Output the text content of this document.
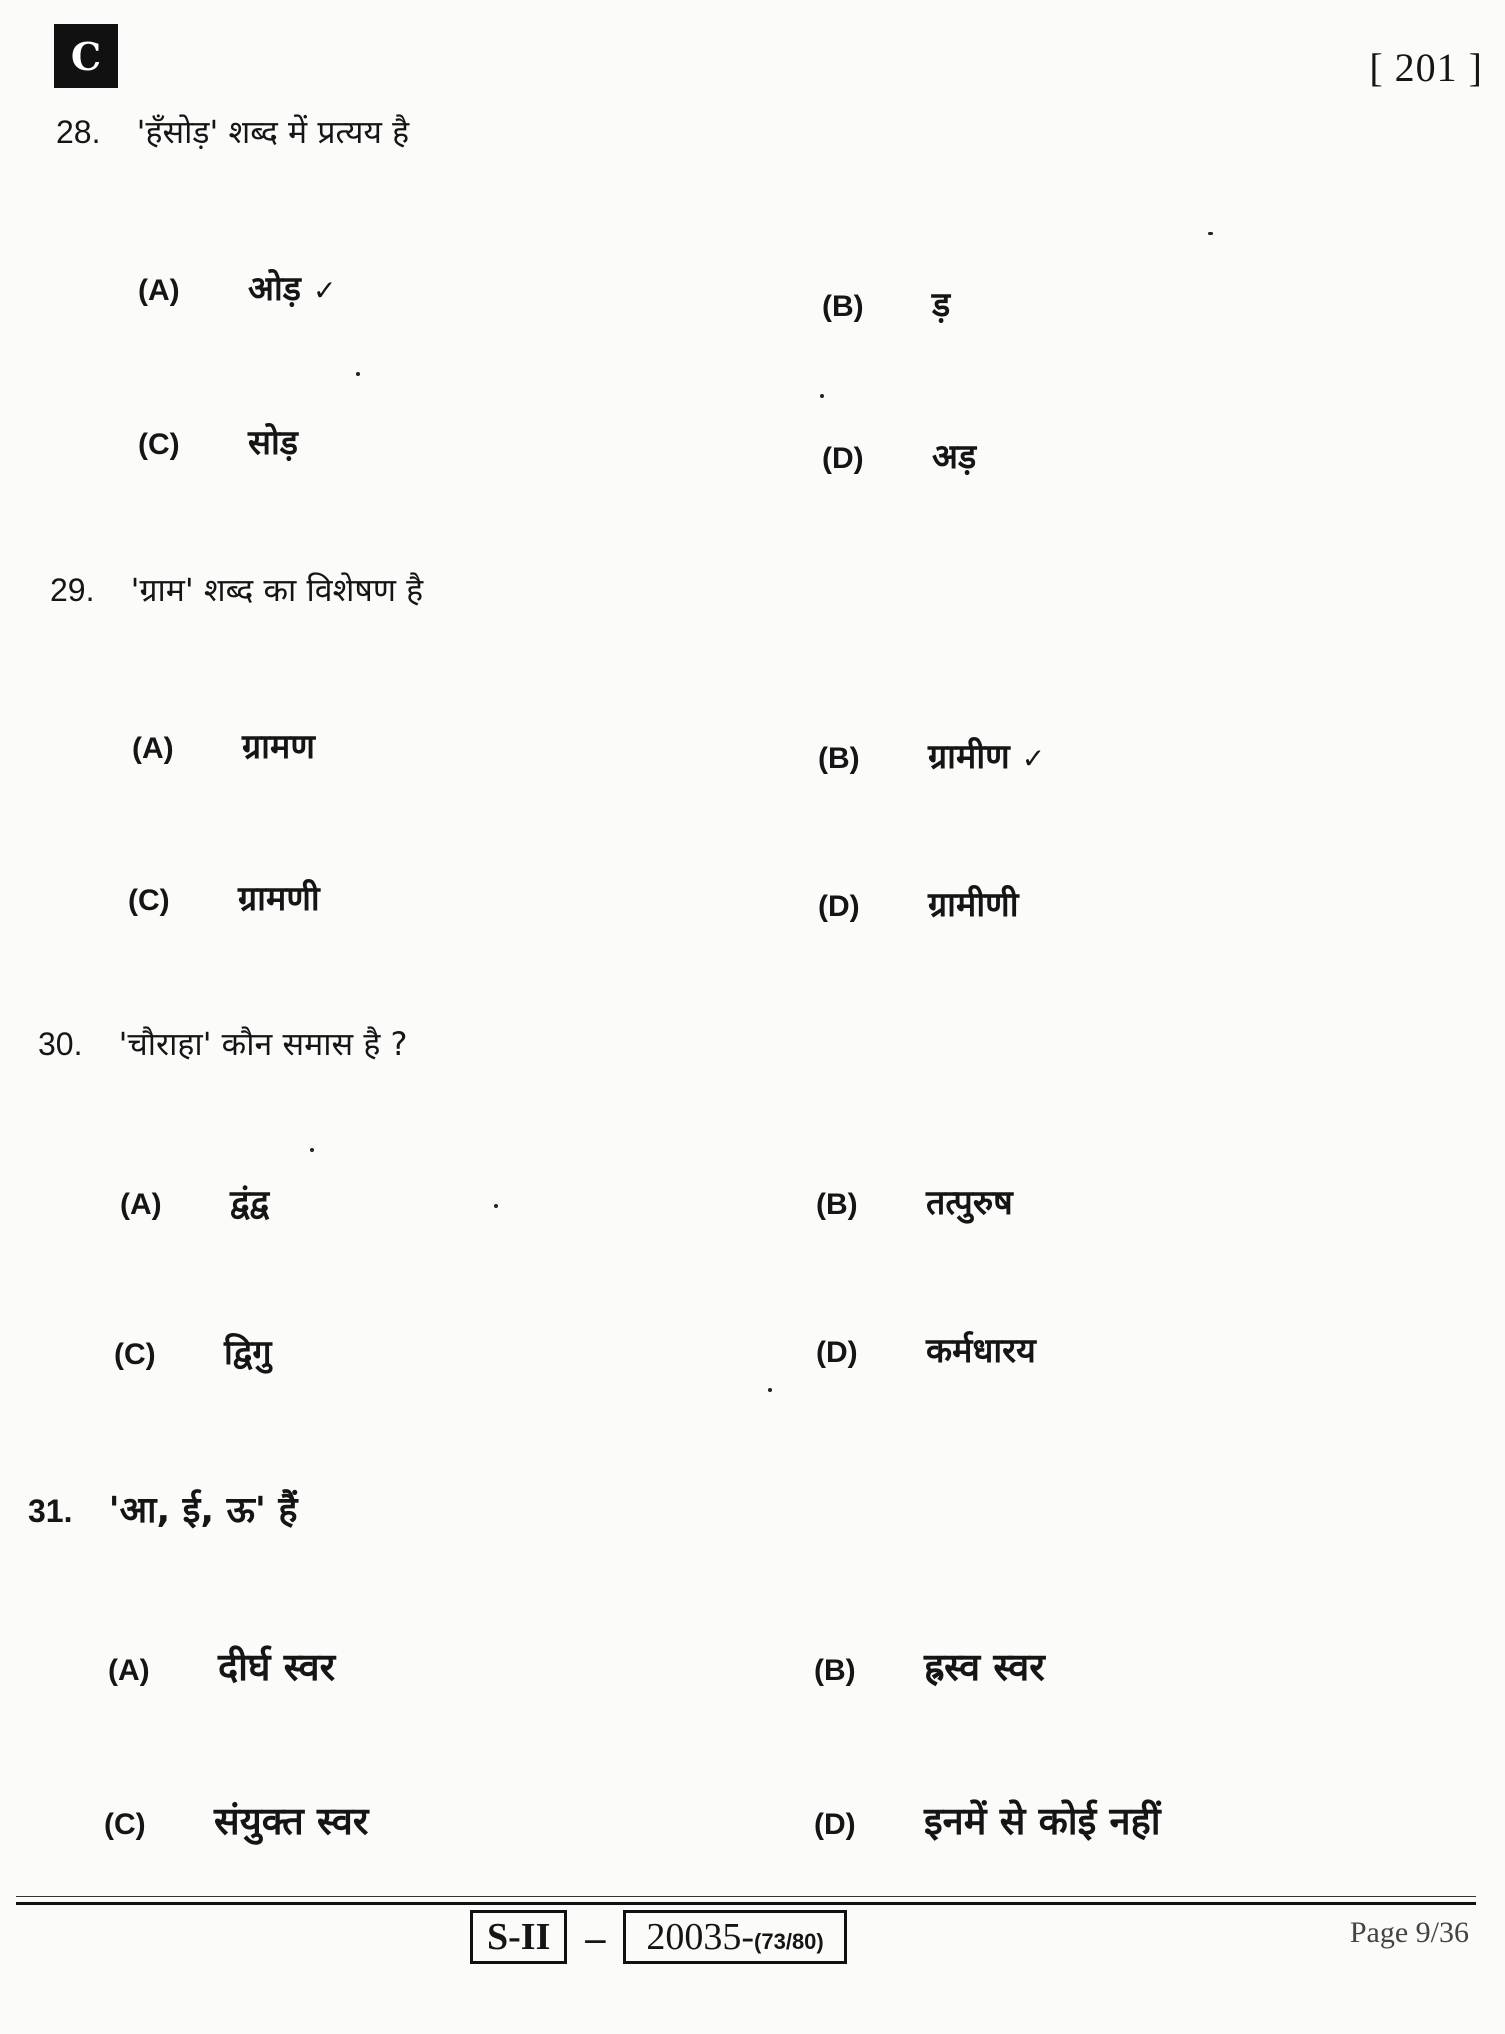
C	[ 201 ]
28. 'हँसोड़' शब्द में प्रत्यय है
(A)	ओड़ ✓	(B)	ड़
(C)	सोड़	(D)	अड़
29. 'ग्राम' शब्द का विशेषण है
(A)	ग्रामण	(B)	ग्रामीण ✓
(C)	ग्रामणी	(D)	ग्रामीणी
30. 'चौराहा' कौन समास है ?
(A)	द्वंद्व	(B)	तत्पुरुष
(C)	द्विगु	(D)	कर्मधारय
31. 'आ, ई, ऊ' हैं
(A)	दीर्घ स्वर	(B)	ह्रस्व स्वर
(C)	संयुक्त स्वर	(D)	इनमें से कोई नहीं
S-II –	20035-(73/80)	Page 9/36
